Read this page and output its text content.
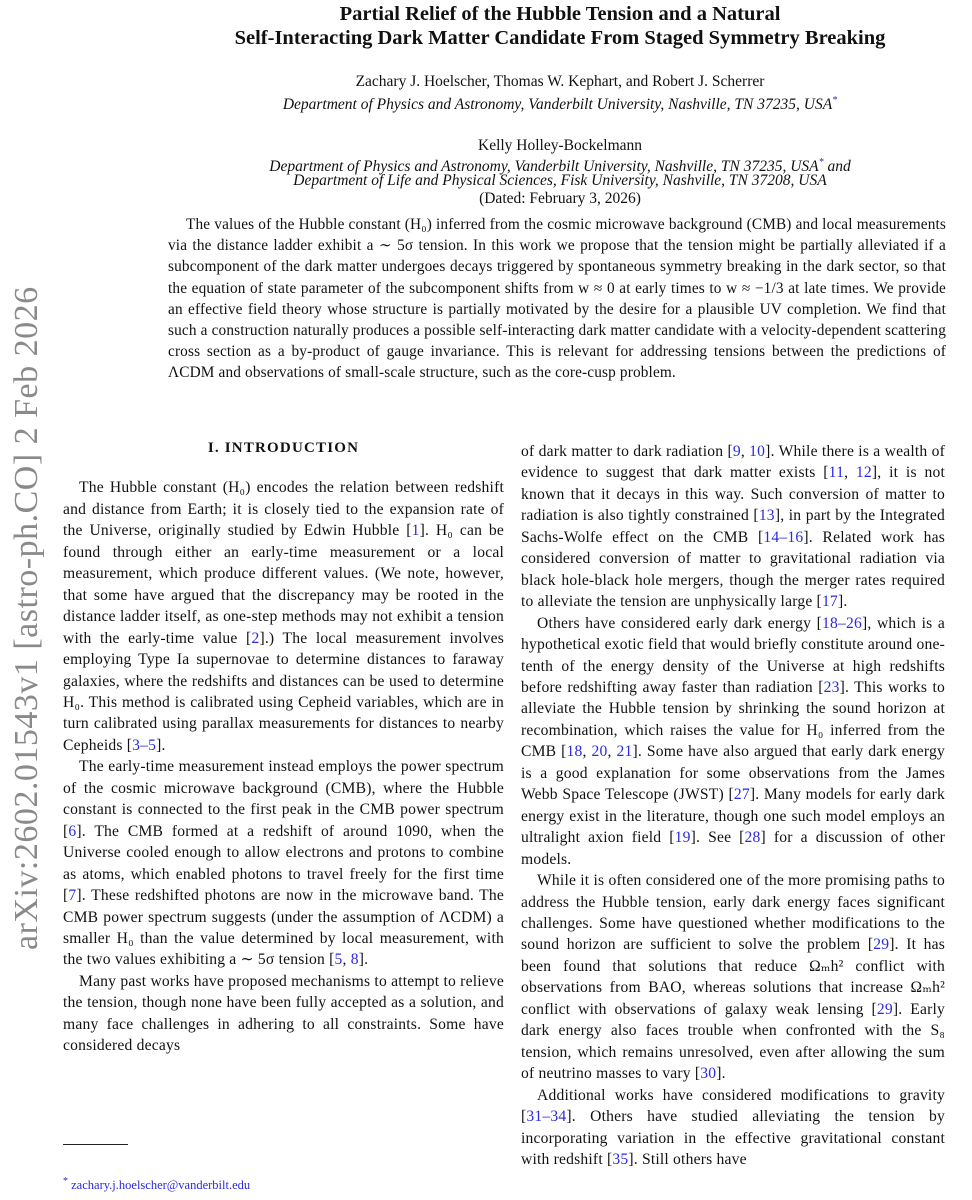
arXiv:2602.01543v1 [astro-ph.CO] 2 Feb 2026
Partial Relief of the Hubble Tension and a Natural
Self-Interacting Dark Matter Candidate From Staged Symmetry Breaking
Zachary J. Hoelscher, Thomas W. Kephart, and Robert J. Scherrer
Department of Physics and Astronomy, Vanderbilt University, Nashville, TN 37235, USA*
Kelly Holley-Bockelmann
Department of Physics and Astronomy, Vanderbilt University, Nashville, TN 37235, USA* and
Department of Life and Physical Sciences, Fisk University, Nashville, TN 37208, USA
(Dated: February 3, 2026)
The values of the Hubble constant (H₀) inferred from the cosmic microwave background (CMB) and local measurements via the distance ladder exhibit a ∼ 5σ tension. In this work we propose that the tension might be partially alleviated if a subcomponent of the dark matter undergoes decays triggered by spontaneous symmetry breaking in the dark sector, so that the equation of state parameter of the subcomponent shifts from w ≈ 0 at early times to w ≈ −1/3 at late times. We provide an effective field theory whose structure is partially motivated by the desire for a plausible UV completion. We find that such a construction naturally produces a possible self-interacting dark matter candidate with a velocity-dependent scattering cross section as a by-product of gauge invariance. This is relevant for addressing tensions between the predictions of ΛCDM and observations of small-scale structure, such as the core-cusp problem.
I. INTRODUCTION

The Hubble constant (H₀) encodes the relation between redshift and distance from Earth; it is closely tied to the expansion rate of the Universe, originally studied by Edwin Hubble [1]. H₀ can be found through either an early-time measurement or a local measurement, which produce different values. (We note, however, that some have argued that the discrepancy may be rooted in the distance ladder itself, as one-step methods may not exhibit a tension with the early-time value [2].) The local measurement involves employing Type Ia supernovae to determine distances to faraway galaxies, where the redshifts and distances can be used to determine H₀. This method is calibrated using Cepheid variables, which are in turn calibrated using parallax measurements for distances to nearby Cepheids [3–5].

The early-time measurement instead employs the power spectrum of the cosmic microwave background (CMB), where the Hubble constant is connected to the first peak in the CMB power spectrum [6]. The CMB formed at a redshift of around 1090, when the Universe cooled enough to allow electrons and protons to combine as atoms, which enabled photons to travel freely for the first time [7]. These redshifted photons are now in the microwave band. The CMB power spectrum suggests (under the assumption of ΛCDM) a smaller H₀ than the value determined by local measurement, with the two values exhibiting a ∼ 5σ tension [5, 8].

Many past works have proposed mechanisms to attempt to relieve the tension, though none have been fully accepted as a solution, and many face challenges in adhering to all constraints. Some have considered decays

of dark matter to dark radiation [9, 10]. While there is a wealth of evidence to suggest that dark matter exists [11, 12], it is not known that it decays in this way. Such conversion of matter to radiation is also tightly constrained [13], in part by the Integrated Sachs-Wolfe effect on the CMB [14–16]. Related work has considered conversion of matter to gravitational radiation via black hole-black hole mergers, though the merger rates required to alleviate the tension are unphysically large [17].

Others have considered early dark energy [18–26], which is a hypothetical exotic field that would briefly constitute around one-tenth of the energy density of the Universe at high redshifts before redshifting away faster than radiation [23]. This works to alleviate the Hubble tension by shrinking the sound horizon at recombination, which raises the value for H₀ inferred from the CMB [18, 20, 21]. Some have also argued that early dark energy is a good explanation for some observations from the James Webb Space Telescope (JWST) [27]. Many models for early dark energy exist in the literature, though one such model employs an ultralight axion field [19]. See [28] for a discussion of other models.

While it is often considered one of the more promising paths to address the Hubble tension, early dark energy faces significant challenges. Some have questioned whether modifications to the sound horizon are sufficient to solve the problem [29]. It has been found that solutions that reduce Ωₘh² conflict with observations from BAO, whereas solutions that increase Ωₘh² conflict with observations of galaxy weak lensing [29]. Early dark energy also faces trouble when confronted with the S₈ tension, which remains unresolved, even after allowing the sum of neutrino masses to vary [30].

Additional works have considered modifications to gravity [31–34]. Others have studied alleviating the tension by incorporating variation in the effective gravitational constant with redshift [35]. Still others have

* zachary.j.hoelscher@vanderbilt.edu
